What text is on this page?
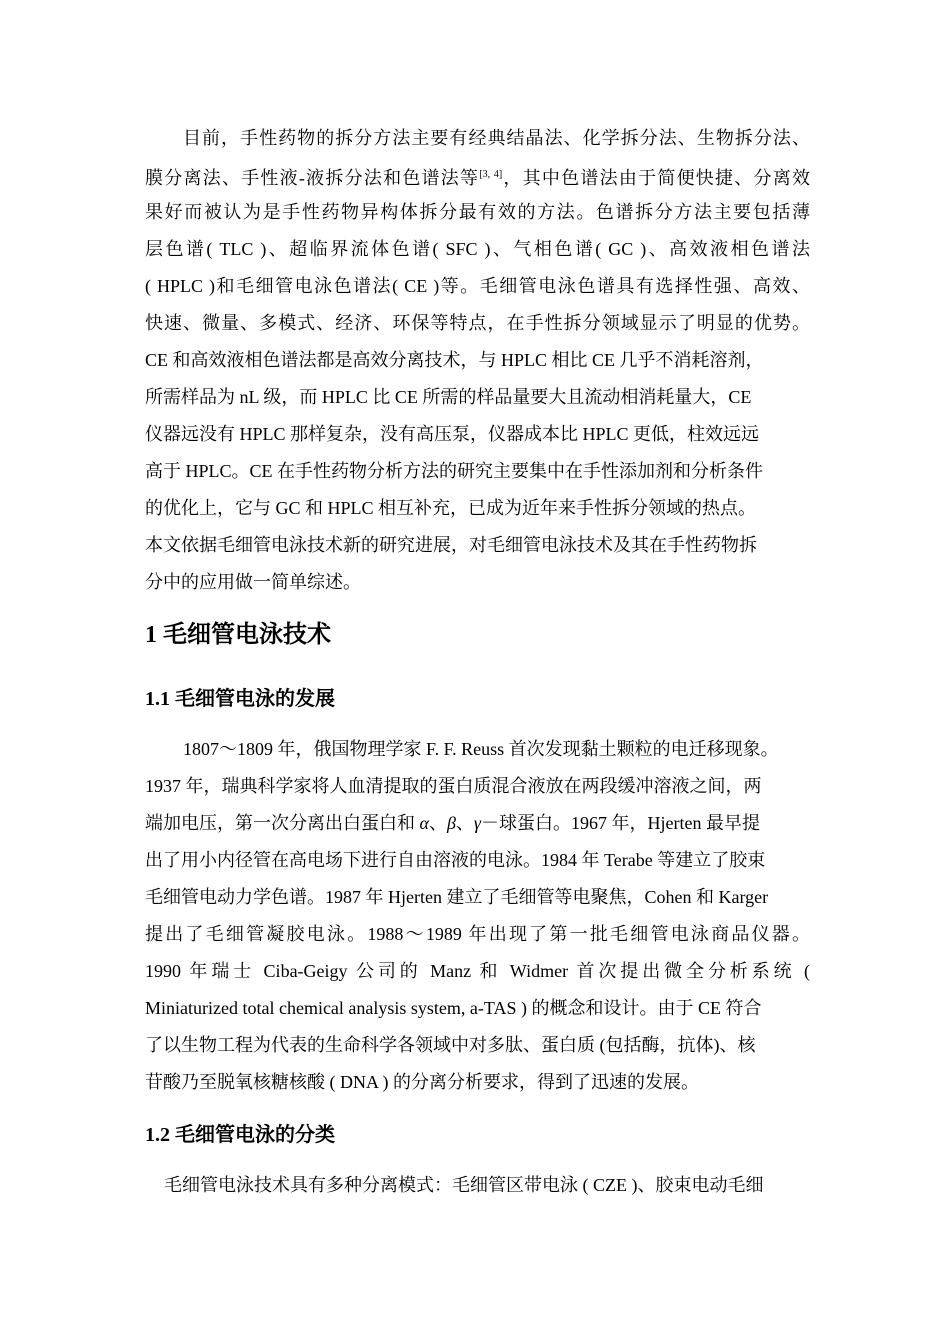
目前，手性药物的拆分方法主要有经典结晶法、化学拆分法、生物拆分法、
膜分离法、手性液-液拆分法和色谱法等[3, 4]，其中色谱法由于简便快捷、分离效
果好而被认为是手性药物异构体拆分最有效的方法。色谱拆分方法主要包括薄
层色谱( TLC )、超临界流体色谱( SFC )、气相色谱( GC )、高效液相色谱法
( HPLC )和毛细管电泳色谱法( CE )等。毛细管电泳色谱具有选择性强、高效、
快速、微量、多模式、经济、环保等特点，在手性拆分领域显示了明显的优势。
CE 和高效液相色谱法都是高效分离技术，与 HPLC 相比 CE 几乎不消耗溶剂，
所需样品为 nL 级，而 HPLC 比 CE 所需的样品量要大且流动相消耗量大，CE
仪器远没有 HPLC 那样复杂，没有高压泵，仪器成本比 HPLC 更低，柱效远远
高于 HPLC。CE 在手性药物分析方法的研究主要集中在手性添加剂和分析条件
的优化上，它与 GC 和 HPLC 相互补充，已成为近年来手性拆分领域的热点。
本文依据毛细管电泳技术新的研究进展，对毛细管电泳技术及其在手性药物拆
分中的应用做一简单综述。
1 毛细管电泳技术
1.1 毛细管电泳的发展
1807～1809 年，俄国物理学家 F. F. Reuss 首次发现黏土颗粒的电迁移现象。
1937 年，瑞典科学家将人血清提取的蛋白质混合液放在两段缓冲溶液之间，两
端加电压，第一次分离出白蛋白和 α、β、γ－球蛋白。1967 年，Hjerten 最早提
出了用小内径管在高电场下进行自由溶液的电泳。1984 年 Terabe 等建立了胶束
毛细管电动力学色谱。1987 年 Hjerten 建立了毛细管等电聚焦，Cohen 和 Karger
提出了毛细管凝胶电泳。1988～1989 年出现了第一批毛细管电泳商品仪器。
1990 年瑞士 Ciba-Geigy 公司的 Manz 和 Widmer 首次提出微全分析系统 (
Miniaturized total chemical analysis system, a-TAS ) 的概念和设计。由于 CE 符合
了以生物工程为代表的生命科学各领域中对多肽、蛋白质 (包括酶，抗体)、核
苷酸乃至脱氧核糖核酸 ( DNA ) 的分离分析要求，得到了迅速的发展。
1.2 毛细管电泳的分类
毛细管电泳技术具有多种分离模式：毛细管区带电泳 ( CZE )、胶束电动毛细
